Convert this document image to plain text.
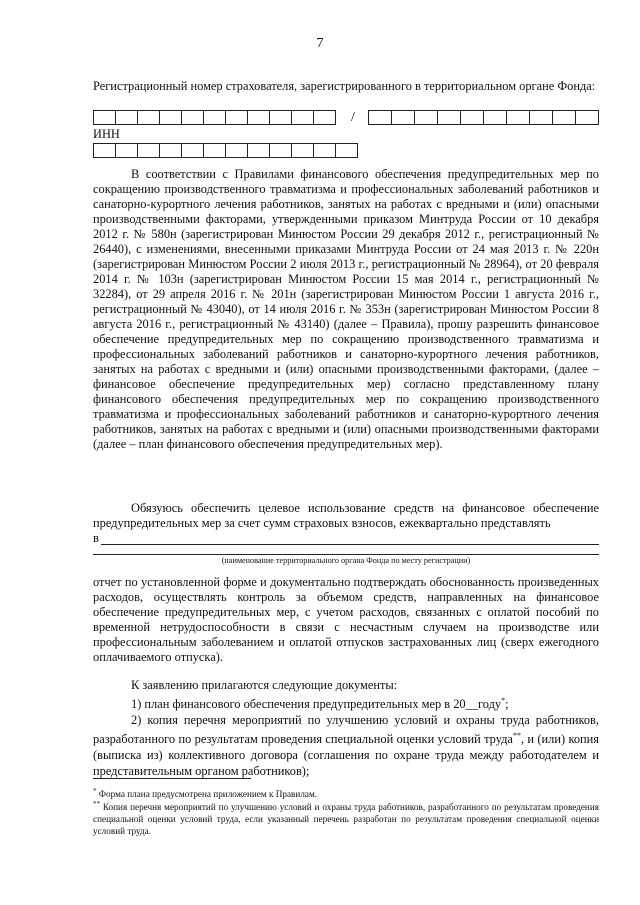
7
Регистрационный номер страхователя, зарегистрированного в территориальном органе Фонда:
/
ИНН

В соответствии с Правилами финансового обеспечения предупредительных мер по сокращению производственного травматизма и профессиональных заболеваний работников и санаторно-курортного лечения работников, занятых на работах с вредными и (или) опасными производственными факторами, утвержденными приказом Минтруда России от 10 декабря 2012 г. № 580н (зарегистрирован Минюстом России 29 декабря 2012 г., регистрационный № 26440), с изменениями, внесенными приказами Минтруда России от 24 мая 2013 г. № 220н (зарегистрирован Минюстом России 2 июля 2013 г., регистрационный № 28964), от 20 февраля 2014 г. № 103н (зарегистрирован Минюстом России 15 мая 2014 г., регистрационный № 32284), от 29 апреля 2016 г. № 201н (зарегистрирован Минюстом России 1 августа 2016 г., регистрационный № 43040), от 14 июля 2016 г. № 353н (зарегистрирован Минюстом России 8 августа 2016 г., регистрационный № 43140) (далее – Правила), прошу разрешить финансовое обеспечение предупредительных мер по сокращению производственного травматизма и профессиональных заболеваний работников и санаторно-курортного лечения работников, занятых на работах с вредными и (или) опасными производственными факторами, (далее – финансовое обеспечение предупредительных мер) согласно представленному плану финансового обеспечения предупредительных мер по сокращению производственного травматизма и профессиональных заболеваний работников и санаторно-курортного лечения работников, занятых на работах с вредными и (или) опасными производственными факторами (далее – план финансового обеспечения предупредительных мер).

Обязуюсь обеспечить целевое использование средств на финансовое обеспечение предупредительных мер за счет сумм страховых взносов, ежеквартально представлять

в
(наименование территориального органа Фонда по месту регистрации)

отчет по установленной форме и документально подтверждать обоснованность произведенных расходов, осуществлять контроль за объемом средств, направленных на финансовое обеспечение предупредительных мер, с учетом расходов, связанных с оплатой пособий по временной нетрудоспособности в связи с несчастным случаем на производстве или профессиональным заболеванием и оплатой отпусков застрахованных лиц (сверх ежегодного оплачиваемого отпуска).

К заявлению прилагаются следующие документы:

1) план финансового обеспечения предупредительных мер в 20__году*;

2) копия перечня мероприятий по улучшению условий и охраны труда работников, разработанного по результатам проведения специальной оценки условий труда**, и (или) копия (выписка из) коллективного договора (соглашения по охране труда между работодателем и представительным органом работников);

* Форма плана предусмотрена приложением к Правилам.

** Копия перечня мероприятий по улучшению условий и охраны труда работников, разработанного по результатам проведения специальной оценки условий труда, если указанный перечень разработан по результатам проведения специальной оценки условий труда.
